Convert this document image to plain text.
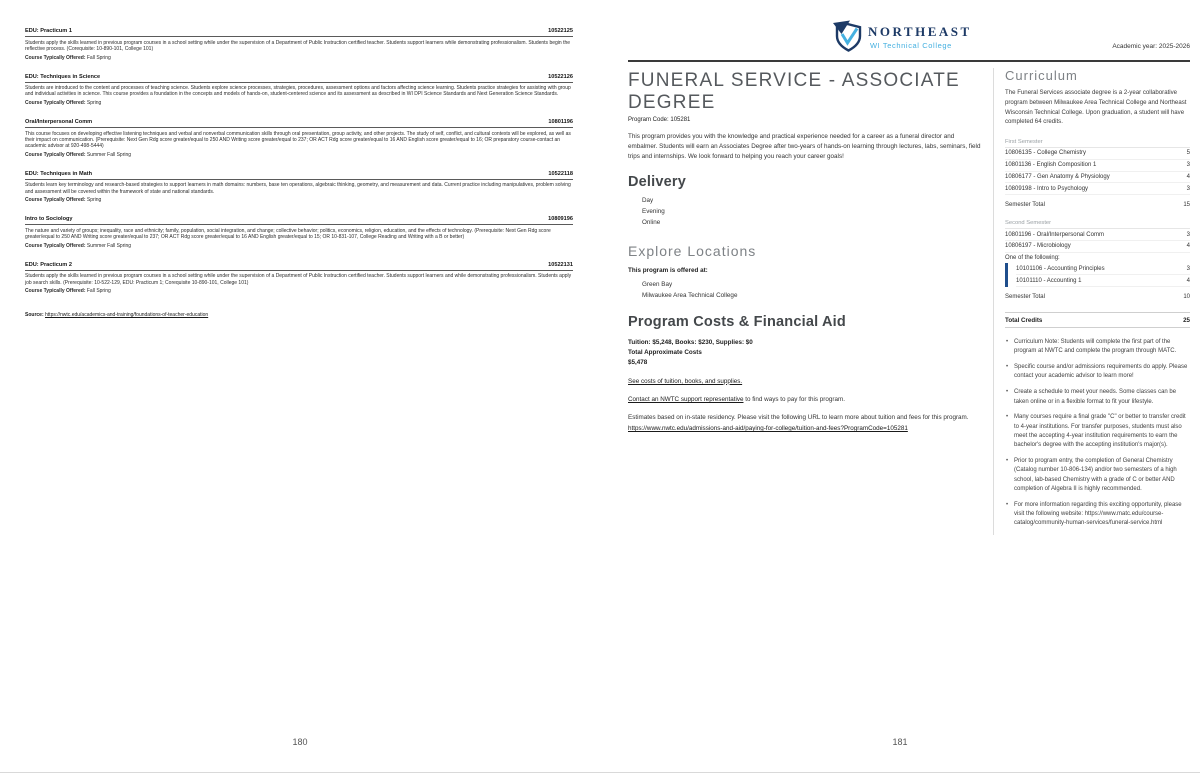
EDU: Practicum 1	10522125
Students apply the skills learned in previous program courses in a school setting while under the supervision of a Department of Public Instruction certified teacher. Students support learners while demonstrating professionalism. Students begin the reflective process. (Corequisite: 10-890-101, College 101)
Course Typically Offered: Fall Spring
EDU: Techniques in Science	10522126
Students are introduced to the content and processes of teaching science. Students explore science processes, strategies, procedures, assessment options and factors affecting science learning. Students practice strategies for assisting with group and individual activities in science. This course provides a foundation in the concepts and models of hands-on, student-centered science and its assessment as described in WI DPI Science Standards and Next Generation Science Standards.
Course Typically Offered: Spring
Oral/Interpersonal Comm	10801196
This course focuses on developing effective listening techniques and verbal and nonverbal communication skills through oral presentation, group activity, and other projects. The study of self, conflict, and cultural contexts will be explored, as well as their impact on communication. (Prerequisite: Next Gen Rdg score greater/equal to 250 AND Writing score greater/equal to 237; OR ACT Rdg score greater/equal to 16 AND English score greater/equal to 16; OR preparatory course-contact an academic advisor at 920-498-5444)
Course Typically Offered: Summer Fall Spring
EDU: Techniques in Math	10522118
Students learn key terminology and research-based strategies to support learners in math domains: numbers, base ten operations, algebraic thinking, geometry, and measurement and data. Current practice including manipulatives, problem solving and assessment will be covered within the framework of state and national standards.
Course Typically Offered: Spring
Intro to Sociology	10809196
The nature and variety of groups; inequality, race and ethnicity; family, population, social integration, and change; collective behavior; politics, economics, religion, education, and the effects of technology. (Prerequisite: Next Gen Rdg score greater/equal to 250 AND Writing score greater/equal to 237; OR ACT Rdg score greater/equal to 16 AND English greater/equal to 15; OR 10-831-107, College Reading and Writing with a B or better)
Course Typically Offered: Summer Fall Spring
EDU: Practicum 2	10522131
Students apply the skills learned in previous program courses in a school setting while under the supervision of a Department of Public Instruction certified teacher. Students support learners and while demonstrating professionalism. Students apply job search skills. (Prerequisite: 10-522-129, EDU: Practicum 1; Corequisite 10-890-101, College 101)
Course Typically Offered: Fall Spring
Source: https://nwtc.edu/academics-and-training/foundations-of-teacher-education
NORTHEAST
WI Technical College	Academic year: 2025-2026
FUNERAL SERVICE - ASSOCIATE DEGREE
Program Code: 105281
This program provides you with the knowledge and practical experience needed for a career as a funeral director and embalmer. Students will earn an Associates Degree after two-years of hands-on learning through lectures, labs, seminars, field trips and internships. We look forward to helping you reach your career goals!
Delivery
Day
Evening
Online
Explore Locations
This program is offered at:
Green Bay
Milwaukee Area Technical College
Program Costs & Financial Aid
Tuition: $5,248, Books: $230, Supplies: $0
Total Approximate Costs
$5,478
See costs of tuition, books, and supplies.
Contact an NWTC support representative to find ways to pay for this program.
Estimates based on in-state residency. Please visit the following URL to learn more about tuition and fees for this program.
https://www.nwtc.edu/admissions-and-aid/paying-for-college/tuition-and-fees?ProgramCode=105281
Curriculum
The Funeral Services associate degree is a 2-year collaborative program between Milwaukee Area Technical College and Northeast Wisconsin Technical College. Upon graduation, a student will have completed 64 credits.
First Semester
10806135 - College Chemistry	5
10801136 - English Composition 1	3
10806177 - Gen Anatomy & Physiology	4
10809198 - Intro to Psychology	3
Semester Total	15
Second Semester
10801196 - Oral/Interpersonal Comm	3
10806197 - Microbiology	4
One of the following:
10101106 - Accounting Principles	3
10101110 - Accounting 1	4
Semester Total	10
Total Credits	25
• Curriculum Note: Students will complete the first part of the program at NWTC and complete the program through MATC.
• Specific course and/or admissions requirements do apply. Please contact your academic advisor to learn more!
• Create a schedule to meet your needs. Some classes can be taken online or in a flexible format to fit your lifestyle.
• Many courses require a final grade "C" or better to transfer credit to 4-year institutions. For transfer purposes, students must also meet the accepting 4-year institution requirements to earn the bachelor's degree with the accepting institution's major(s).
• Prior to program entry, the completion of General Chemistry (Catalog number 10-806-134) and/or two semesters of a high school, lab-based Chemistry with a grade of C or better AND completion of Algebra II is highly recommended.
• For more information regarding this exciting opportunity, please visit the following website: https://www.matc.edu/course-catalog/community-human-services/funeral-service.html
180	181
